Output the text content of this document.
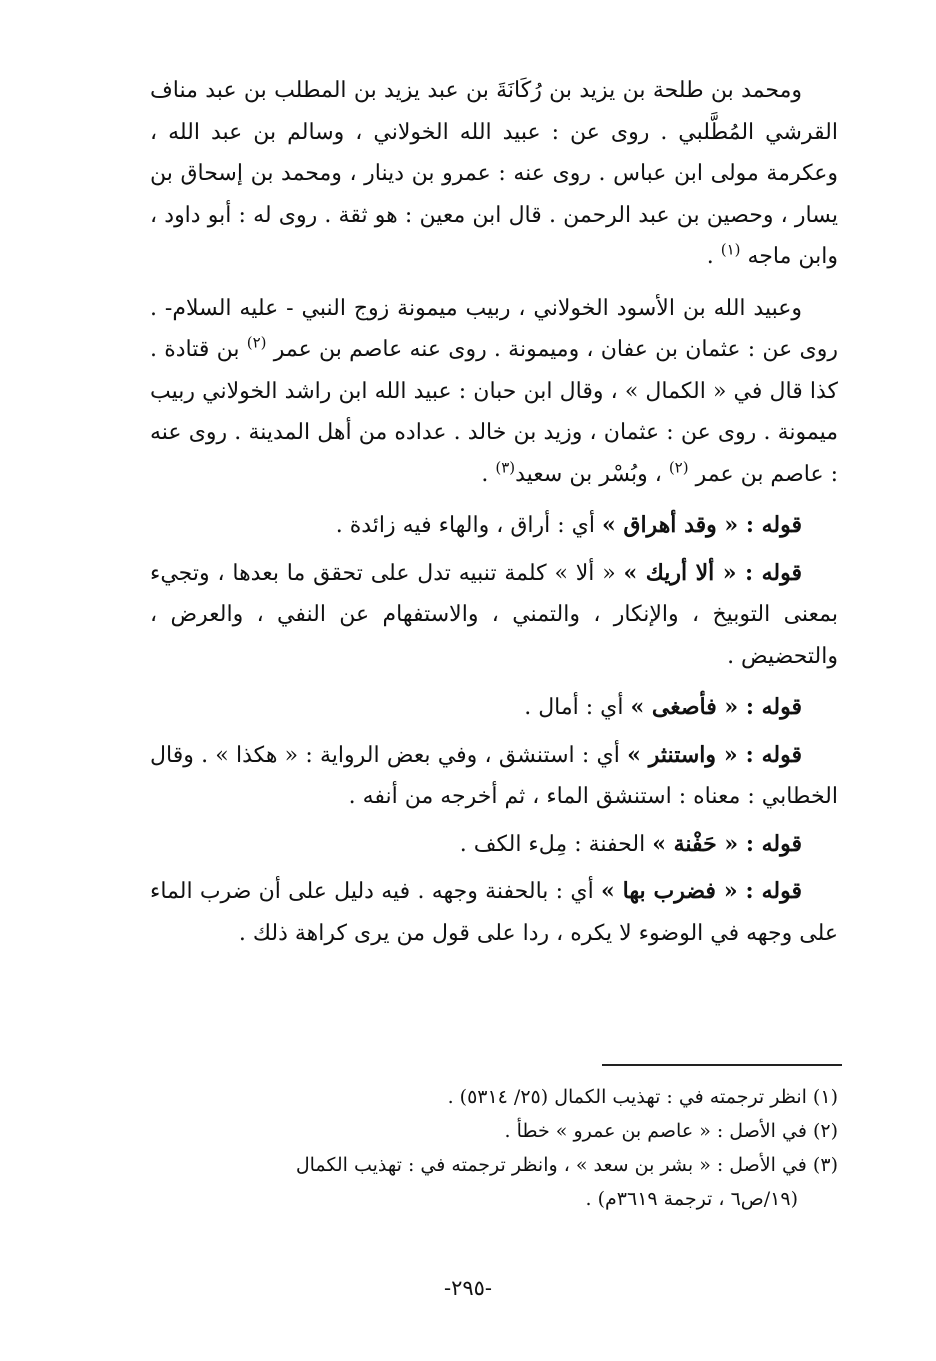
ومحمد بن طلحة بن يزيد بن رُكَانَةَ بن عبد يزيد بن المطلب بن عبد مناف القرشي المُطَّلبي . روى عن : عبيد الله الخولاني ، وسالم بن عبد الله ، وعكرمة مولى ابن عباس . روى عنه : عمرو بن دينار ، ومحمد بن إسحاق بن يسار ، وحصين بن عبد الرحمن . قال ابن معين : هو ثقة . روى له : أبو داود ، وابن ماجه $^{(١)}$ .

وعبيد الله بن الأسود الخولاني ، ربيب ميمونة زوج النبي - عليه السلام- . روى عن : عثمان بن عفان ، وميمونة . روى عنه عاصم بن عمر $^{(٢)}$ بن قتادة . كذا قال في « الكمال » ، وقال ابن حبان : عبيد الله ابن راشد الخولاني ربيب ميمونة . روى عن : عثمان ، وزيد بن خالد . عداده من أهل المدينة . روى عنه : عاصم بن عمر $^{(٢)}$ ، وبُسْر بن سعيد$^{(٣)}$ .

قوله : « وقد أهراق » أي : أراق ، والهاء فيه زائدة .

قوله : « ألا أريك » « ألا » كلمة تنبيه تدل على تحقق ما بعدها ، وتجيء بمعنى التوبيخ ، والإنكار ، والتمني ، والاستفهام عن النفي ، والعرض ، والتحضيض .

قوله : « فأصغى » أي : أمال .

قوله : « واستنثر » أي : استنشق ، وفي بعض الرواية : « هكذا » . وقال الخطابي : معناه : استنشق الماء ، ثم أخرجه من أنفه .

قوله : « حَفْنة » الحفنة : مِلء الكف .

قوله : « فضرب بها » أي : بالحفنة وجهه . فيه دليل على أن ضرب الماء على وجهه في الوضوء لا يكره ، ردا على قول من يرى كراهة ذلك .

(١) انظر ترجمته في : تهذيب الكمال (٢٥/ ٥٣١٤) .

(٢) في الأصل : « عاصم بن عمرو » خطأ .

(٣) في الأصل : « بشر بن سعد » ، وانظر ترجمته في : تهذيب الكمال
(١٩/ص٦ ، ترجمة ٣٦١٩م) .

-٢٩٥-
